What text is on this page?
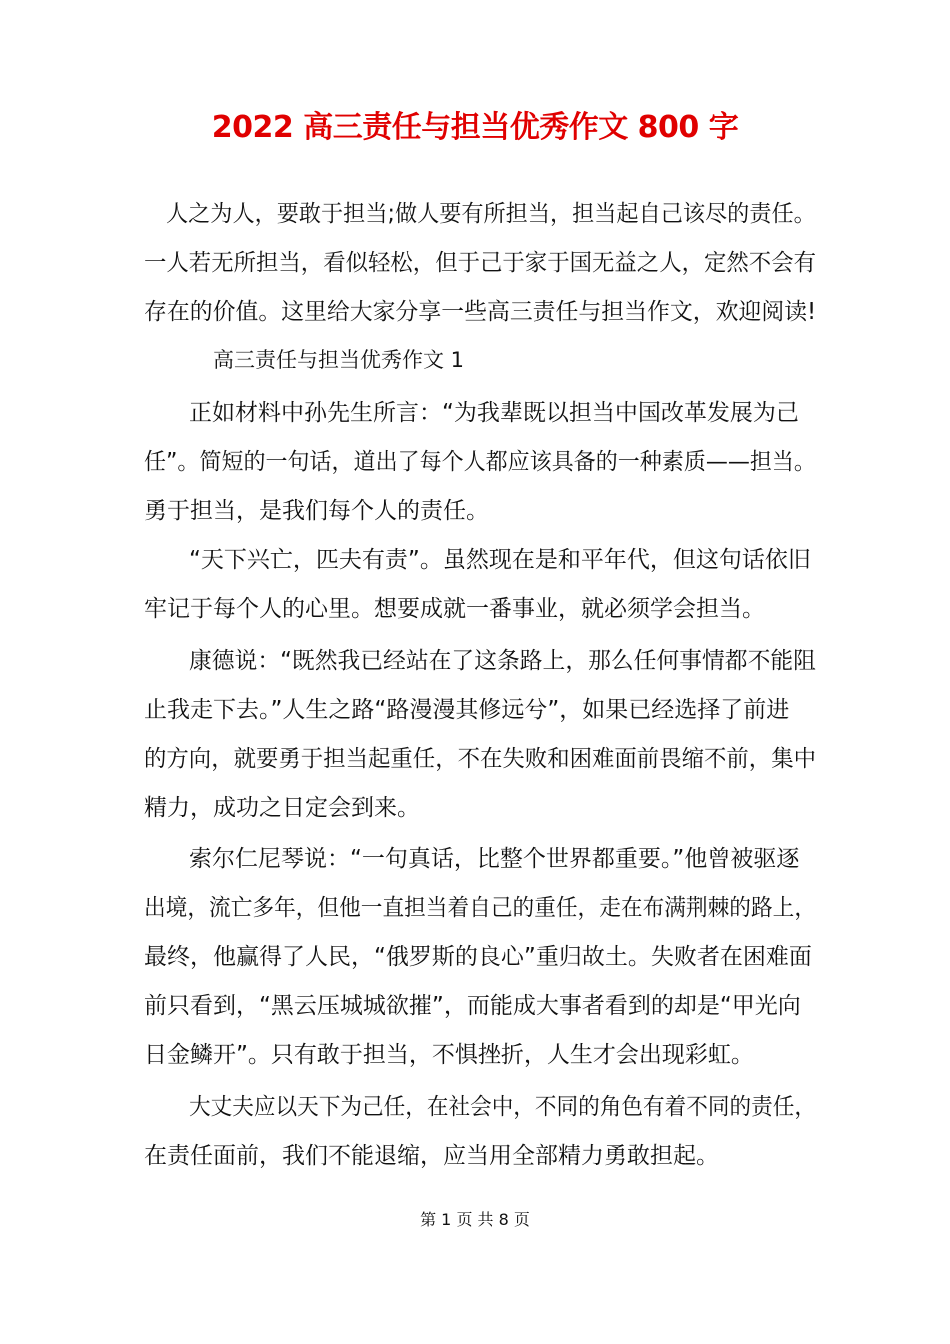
2022 高三责任与担当优秀作文 800 字
人之为人，要敢于担当;做人要有所担当，担当起自己该尽的责任。
一人若无所担当，看似轻松，但于己于家于国无益之人，定然不会有
存在的价值。这里给大家分享一些高三责任与担当作文，欢迎阅读!
高三责任与担当优秀作文 1
正如材料中孙先生所言：“为我辈既以担当中国改革发展为己
任”。简短的一句话，道出了每个人都应该具备的一种素质——担当。
勇于担当，是我们每个人的责任。
“天下兴亡，匹夫有责”。虽然现在是和平年代，但这句话依旧
牢记于每个人的心里。想要成就一番事业，就必须学会担当。
康德说：“既然我已经站在了这条路上，那么任何事情都不能阻
止我走下去。”人生之路“路漫漫其修远兮”，如果已经选择了前进
的方向，就要勇于担当起重任，不在失败和困难面前畏缩不前，集中
精力，成功之日定会到来。
索尔仁尼琴说：“一句真话，比整个世界都重要。”他曾被驱逐
出境，流亡多年，但他一直担当着自己的重任，走在布满荆棘的路上，
最终，他赢得了人民，“俄罗斯的良心”重归故土。失败者在困难面
前只看到，“黑云压城城欲摧”，而能成大事者看到的却是“甲光向
日金鳞开”。只有敢于担当，不惧挫折，人生才会出现彩虹。
大丈夫应以天下为己任，在社会中，不同的角色有着不同的责任，
在责任面前，我们不能退缩，应当用全部精力勇敢担起。
第 1 页 共 8 页
